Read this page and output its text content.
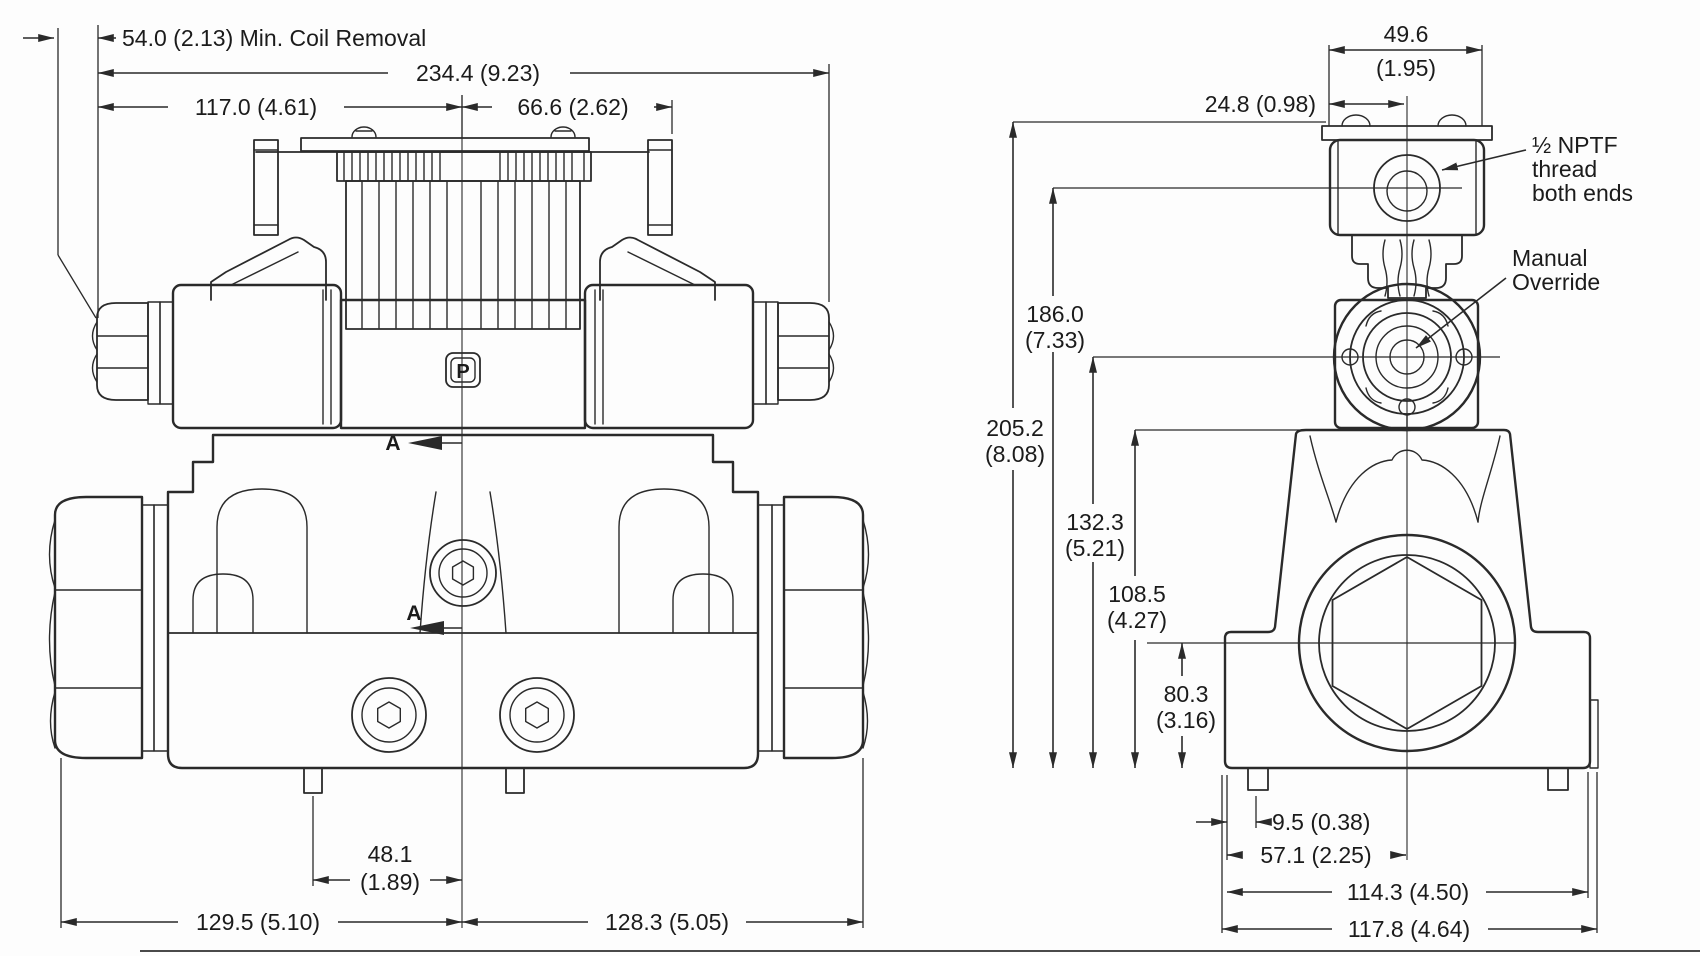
P
A
A
54.0 (2.13) Min. Coil Removal
234.4 (9.23)
117.0 (4.61)	66.6 (2.62)
48.1
(1.89)
129.5 (5.10)	128.3 (5.05)
½ NPTF
thread
both ends
Manual
Override
49.6
(1.95)
24.8 (0.98)
205.2
(8.08)
186.0
(7.33)
132.3
(5.21)
108.5
(4.27)
80.3
(3.16)
9.5 (0.38)
57.1 (2.25)
114.3 (4.50)
117.8 (4.64)
